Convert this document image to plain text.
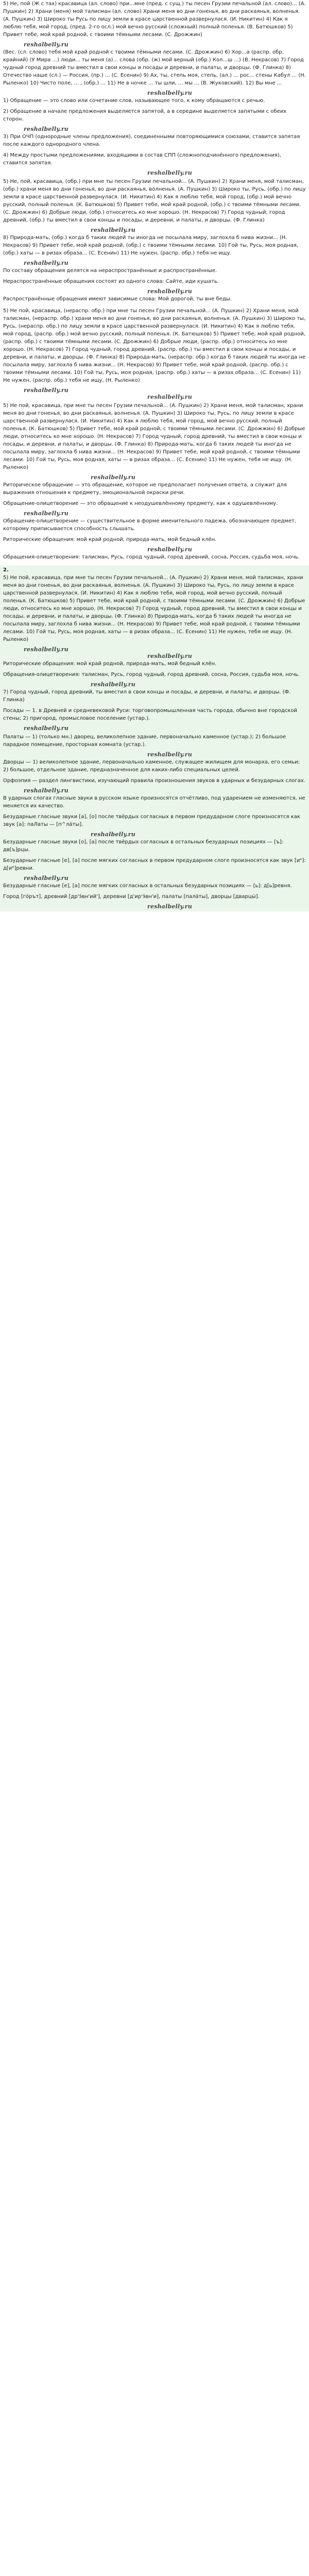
5) Не, пой (Ж с тах) красавица (ал. слово) при...мне (пред. с сущ.) ты песен Грузии печальной (ал. слово)... (А. Пушкин) 2) Храни (меня) мой талисман (ал. слово) Храни меня во дни гоненья, во дни раскаянья, волненья. (А. Пушкин) 3) Широко ты Русь по лицу земли в красе царственной развернулася. (И. Никитин) 4) Как я люблю тебя, мой город, (пред. 2-го осл.) мой вечно русский (сложный) полный поленья. (В. Батюшков) 5) Привет тебе, мой край родной, с твоими тёмными лесами. (С. Дрожжин)

reshalbelly.ru

(Вес. (сл. слово) тебя мой край родной с твоими тёмными лесами. (С. Дрожжин) 6) Хор...а (распр. обр. крайний) (У Мира ...) люди... ты меня (а)... слова (обр. (ж) мой верный (обр.) Кол...ш ...) (В. Некрасов) 7) Город чудный город древний ты вместил в свои концы и посады и деревни, и палаты, и дворцы. (Ф. Глинка) 8) Отечество наше (сл.) — Россия, (пр.) ... (С. Есенин) 9) Ах, ты, степь моя, степь, (ал.) ... рос... стены Кабул ... (Н. Рыленко) 10) Чисто поле, ... , (обр.) ... 11) Не в ночке ... ты шли, ... мы ... (В. Жуковский). 12) Вы мне ...

reshalbelly.ru

1) Обращение — это слово или сочетание слов, называющее того, к кому обращаются с речью.

2) Обращение в начале предложения выделяется запятой, а в середине выделяется запятыми с обеих сторон.

reshalbelly.ru

3) При ОЧП (однородные члены предложения), соединенными повторяющимися союзами, ставится запятая после каждого однородного члена.

4) Между простыми предложениями, входящими в состав СПП (сложноподчинённого предложения), ставится запятая.

reshalbelly.ru

5) Не, пой, красавица, (обр.) при мне ты песен Грузии печальной... (А. Пушкин) 2) Храни меня, мой талисман, (обр.) храни меня во дни гоненья, во дни раскаянья, волненья. (А. Пушкин) 3) Широко ты, Русь, (обр.) по лицу земли в красе царственной развернулася. (И. Никитин) 4) Как я люблю тебя, мой город, (обр.) мой вечно русский, полный поленья. (К. Батюшков) 5) Привет тебе, мой край родной, (обр.) с твоими тёмными лесами. (С. Дрожжин) 6) Добрые люди, (обр.) относитесь ко мне хорошо. (Н. Некрасов) 7) Город чудный, город древний, (обр.) ты вместил в свои концы и посады, и деревни, и палаты, и дворцы. (Ф. Глинка)

reshalbelly.ru

8) Природа-мать, (обр.) когда б таких людей ты иногда не посылала миру, заглохла б нива жизни... (Н. Некрасов) 9) Привет тебе, мой край родной, (обр.) с твоими тёмными лесами. 10) Гой ты, Русь, моя родная, (обр.) хаты — в ризах образа... (С. Есенин) 11) Не нужен, (распр. обр.) тебя не ищу.

reshalbelly.ru

По составу обращения делятся на нераспространённые и распространённые.

Нераспространённые обращения состоят из одного слова: Сайте, иди кушать.

reshalbelly.ru

Распространённые обращения имеют зависимые слова: Мой дорогой, ты вне беды.

5) Не пой, красавица, (нераспр. обр.) при мне ты песен Грузии печальной... (А. Пушкин) 2) Храни меня, мой талисман, (нераспр. обр.) храни меня во дни гоненья, во дни раскаянья, волненья. (А. Пушкин) 3) Широко ты, Русь, (нераспр. обр.) по лицу земли в красе царственной развернулася. (И. Никитин) 4) Как я люблю тебя, мой город, (распр. обр.) мой вечно русский, полный поленья. (К. Батюшков) 5) Привет тебе, мой край родной, (распр. обр.) с твоими тёмными лесами. (С. Дрожжин) 6) Добрые люди, (распр. обр.) относитесь ко мне хорошо. (Н. Некрасов) 7) Город чудный, город древний, (распр. обр.) ты вместил в свои концы и посады, и деревни, и палаты, и дворцы. (Ф. Глинка) 8) Природа-мать, (нераспр. обр.) когда б таких людей ты иногда не посылала миру, заглохла б нива жизни... (Н. Некрасов) 9) Привет тебе, мой край родной, (распр. обр.) с твоими тёмными лесами. 10) Гой ты, Русь, моя родная, (распр. обр.) хаты — в ризах образа... (С. Есенин) 11) Не нужен, (распр. обр.) тебя не ищу, (Н. Рыленко)

reshalbelly.ru
reshalbelly.ru

5) Не пой, красавица, при мне ты песен Грузии печальной... (А. Пушкин) 2) Храни меня, мой талисман, храни меня во дни гоненья, во дни раскаянья, волненья. (А. Пушкин) 3) Широко ты, Русь, по лицу земли в красе царственной развернулася. (И. Никитин) 4) Как я люблю тебя, мой город, мой вечно русский, полный поленья. (К. Батюшков) 5) Привет тебе, мой край родной, с твоими тёмными лесами. (С. Дрожжин) 6) Добрые люди, относитесь ко мне хорошо. (Н. Некрасов) 7) Город чудный, город древний, ты вместил в свои концы и посады, и деревни, и палаты, и дворцы. (Ф. Глинка) 8) Природа-мать, когда б таких людей ты иногда не посылала миру, заглохла б нива жизни... (Н. Некрасов) 9) Привет тебе, мой край родной, с твоими тёмными лесами. 10) Гой ты, Русь, моя родная, хаты — в ризах образа... (С. Есенин) 11) Не нужен, тебя не ищу. (Н. Рыленко)

reshalbelly.ru

Риторическое обращение — это обращение, которое не предполагает получения ответа, а служит для выражения отношения к предмету, эмоциональной окраски речи.

Обращение-олицетворение — это обращение к неодушевлённому предмету, как к одушевлённому.

reshalbelly.ru

Обращение-олицетворение — существительное в форме именительного падежа, обозначающее предмет, которому приписывается способность слышать.

Риторические обращения: мой край родной, природа-мать, мой бедный клён.

reshalbelly.ru

Обращения-олицетворения: талисман, Русь, город чудный, город древний, сосна, Россия, судьба моя, ночь.

2.

5) Не пой, красавица, при мне ты песен Грузии печальной... (А. Пушкин) 2) Храни меня, мой талисман, храни меня во дни гоненья, во дни раскаянья, волненья. (А. Пушкин) 3) Широко ты, Русь, по лицу земли в красе царственной развернулася. (И. Никитин) 4) Как я люблю тебя, мой город, мой вечно русский, полный поленья. (К. Батюшков) 5) Привет тебе, мой край родной, с твоими тёмными лесами. (С. Дрожжин) 6) Добрые люди, относитесь ко мне хорошо. (Н. Некрасов) 7) Город чудный, город древний, ты вместил в свои концы и посады, и деревни, и палаты, и дворцы. (Ф. Глинка) 8) Природа-мать, когда б таких людей ты иногда не посылала миру, заглохла б нива жизни... (Н. Некрасов) 9) Привет тебе, мой край родной, с твоими тёмными лесами. 10) Гой ты, Русь, моя родная, хаты — в ризах образа... (С. Есенин) 11) Не нужен, тебя не ищу. (Н. Рыленко)

reshalbelly.ru
reshalbelly.ru

Риторические обращения: мой край родной, природа-мать, мой бедный клён.

Обращения-олицетворения: талисман, Русь, город чудный, город древний, сосна, Россия, судьба моя, ночь.

reshalbelly.ru

7) Город чудный, город древний, ты вместил в свои концы и посады, и деревни, и палаты, и дворцы. (Ф. Глинка)

Посады — 1. в Древней и средневековой Руси: торговопромышленная часть города, обычно вне городской стены; 2) пригород, промысловое поселение (устар.).

reshalbelly.ru

Палаты — 1) (только мн.) дворец, великолепное здание, первоначально каменное (устар.); 2) большое парадное помещение, просторная комната (устар.).

reshalbelly.ru

Дворцы — 1) великолепное здание, первоначально каменное, служащее жилищем для монарха, его семьи; 2) большое, отдельное здание, предназначенное для каких-либо специальных целей.

Орфоэпия — раздел лингвистики, изучающий правила произношения звуков в ударных и безударных слогах.

reshalbelly.ru

В ударных слогах гласные звуки в русском языке произносятся отчётливо, под ударением не изменяются, не меняется их качество.

Безударные гласные звуки [а], [о] после твёрдых согласных в первом предударном слоге произносятся как звук [а]: паЛаты — [п^ла́ты].

reshalbelly.ru

Безударные гласные звуки [о], [а] после твёрдых согласных в остальных безударных позициях — [ъ]: дв[ъ]рцы.

Безударные гласные [е], [а] после мягких согласных в первом предударном слоге произносятся как звук [иᵉ]: д[иᵉ]ревни.

reshalbelly.ru

Безударные гласные [е], [а] после мягких согласных в остальных безударных позициях — [ь]: д[ь]ревня.

Город [го́рът], древний [др'э́вн'ий'], деревни [д'ир'э́вн'и], палаты [пала́ты], дворцы [дварцы́].

reshalbelly.ru
